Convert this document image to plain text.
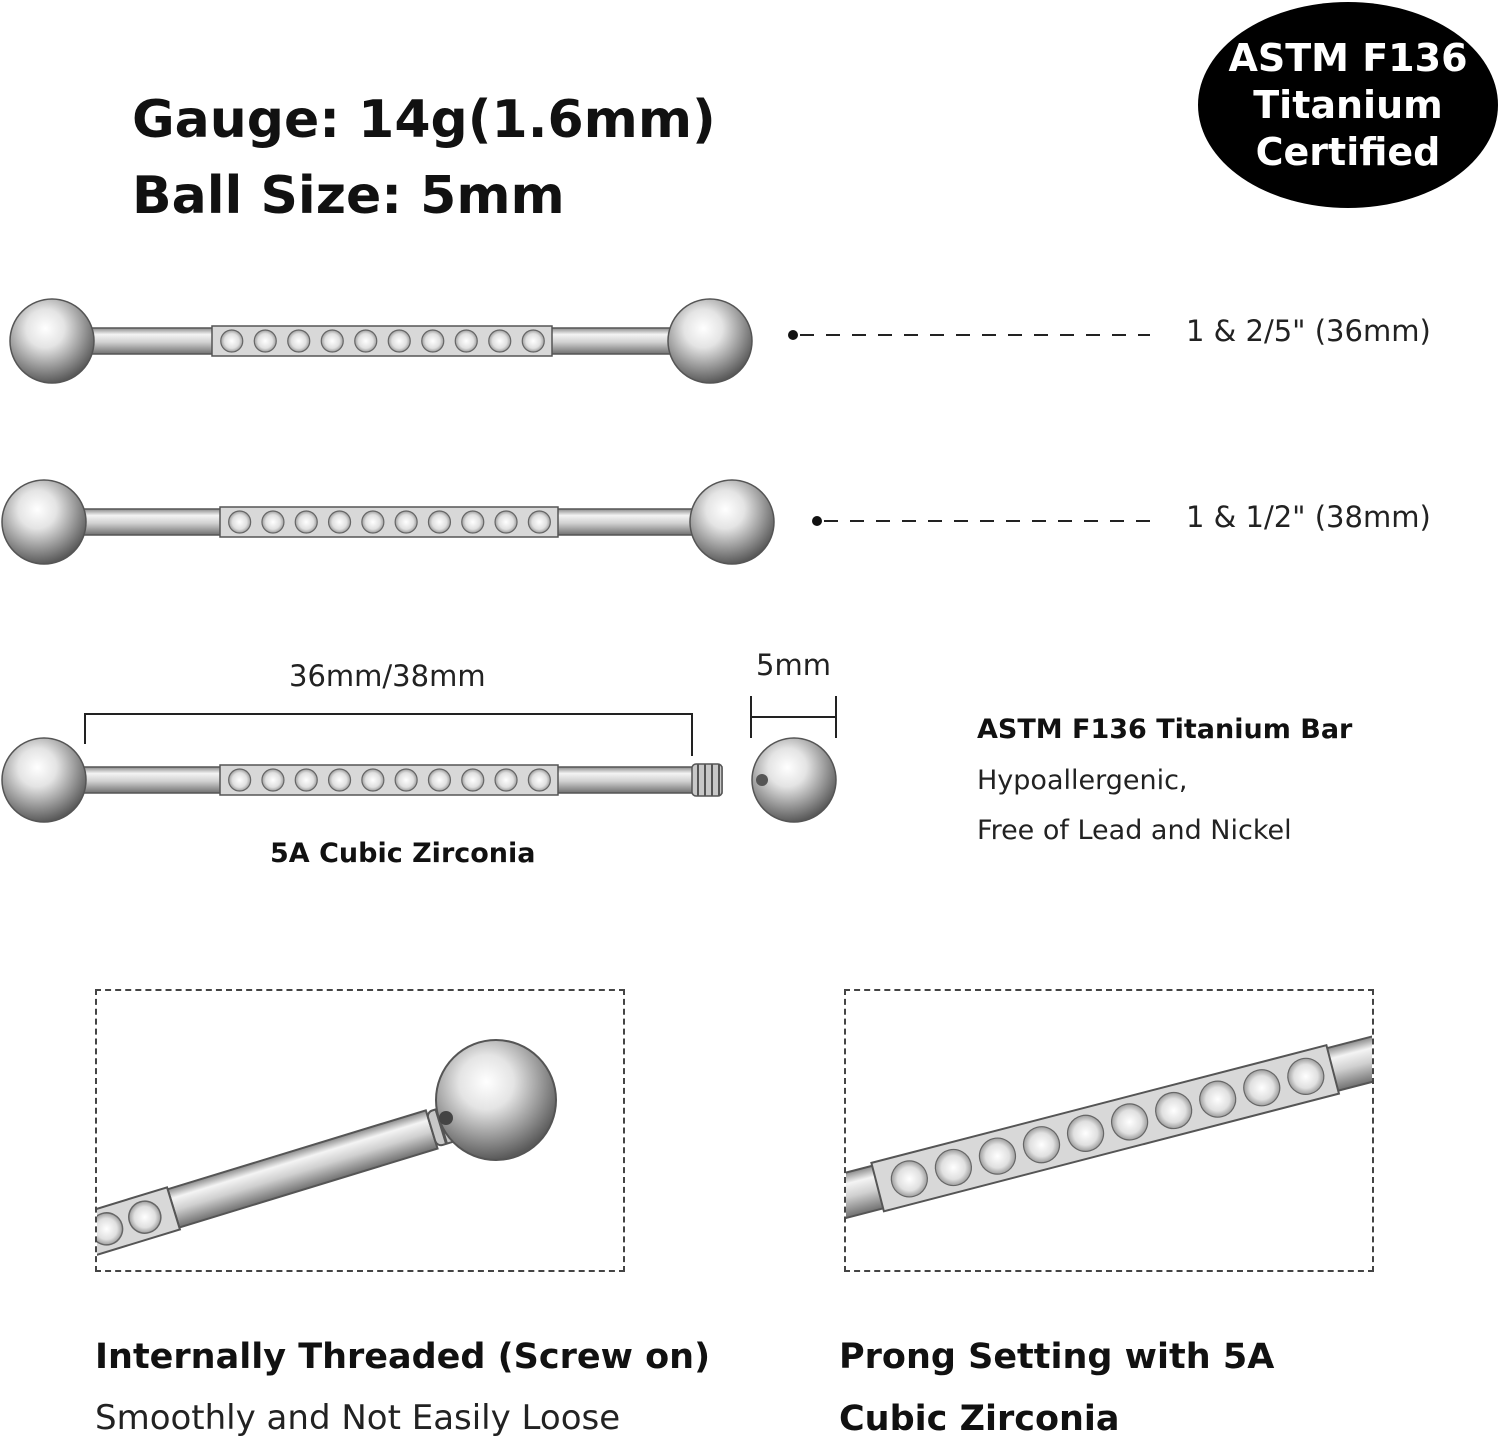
Gauge: 14g(1.6mm)
Ball Size: 5mm
ASTM F136
Titanium
Certified
1 & 2/5" (36mm)
1 & 1/2" (38mm)
36mm/38mm	5mm
5A Cubic Zirconia
ASTM F136 Titanium Bar
Hypoallergenic,
Free of Lead and Nickel
Internally Threaded (Screw on)
Smoothly and Not Easily Loose
Prong Setting with 5A
Cubic Zirconia
